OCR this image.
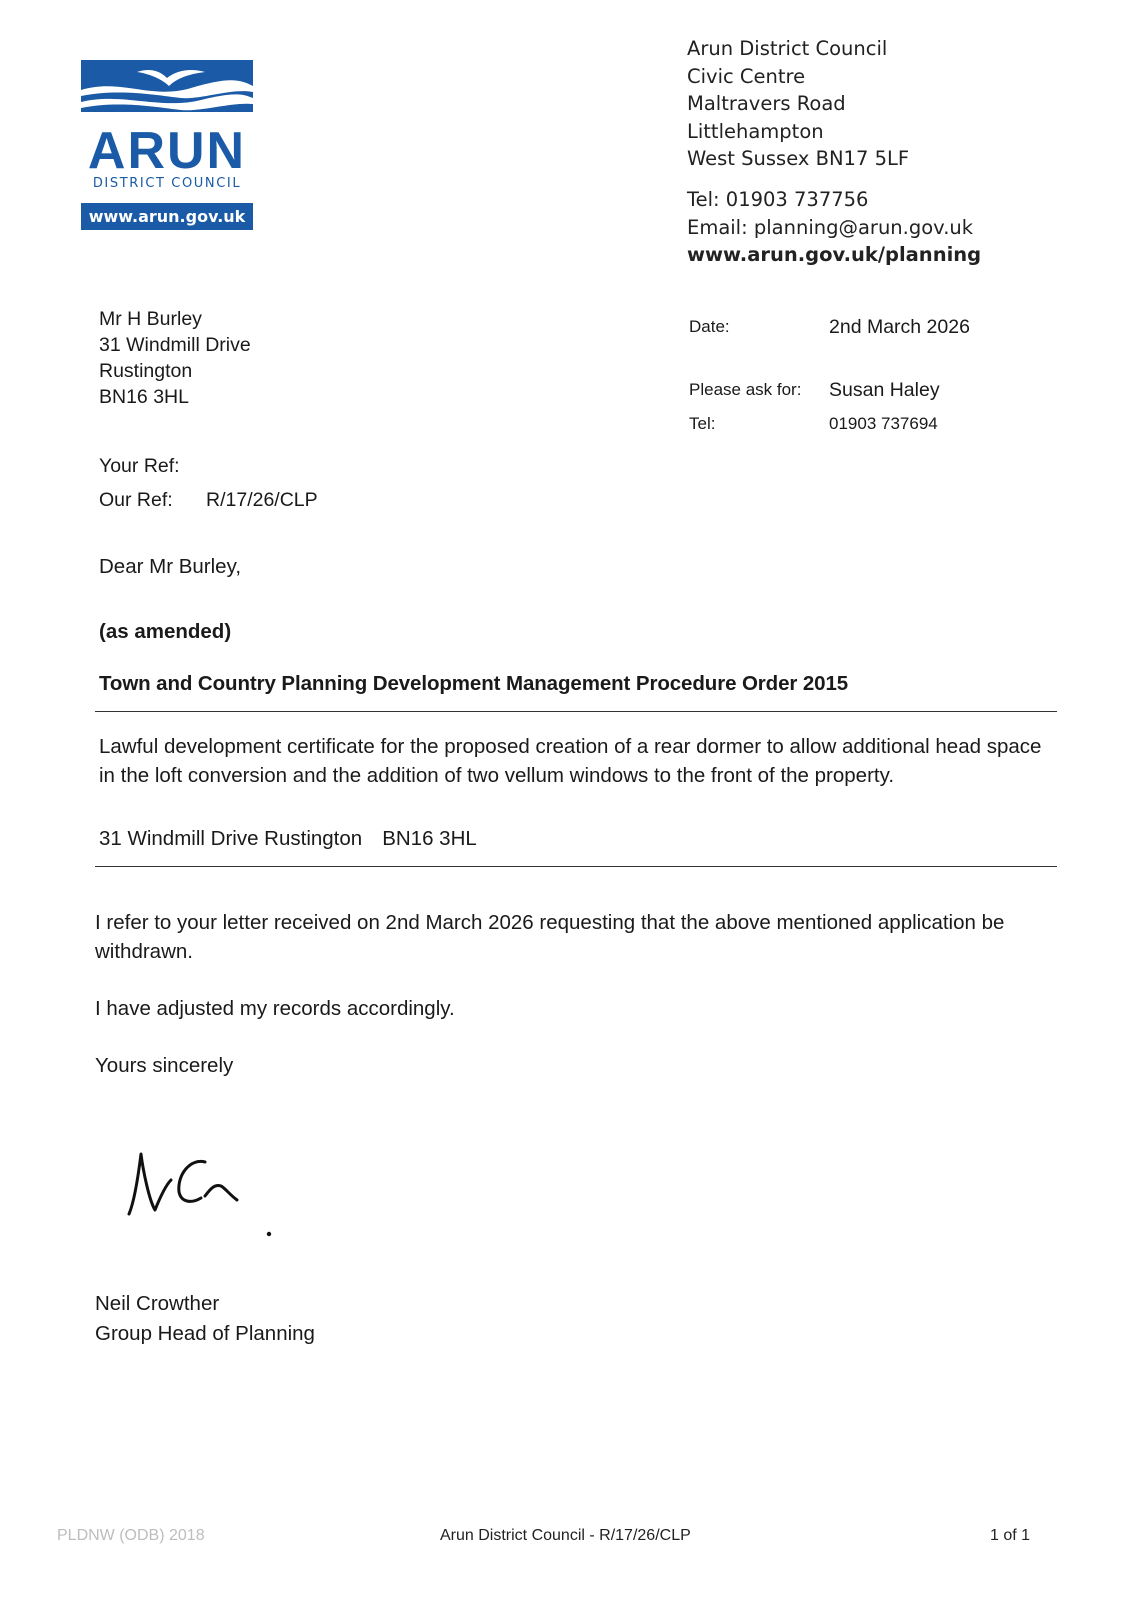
ARUN
DISTRICT COUNCIL
www.arun.gov.uk
Arun District Council
Civic Centre
Maltravers Road
Littlehampton
West Sussex BN17 5LF
Tel: 01903 737756
Email: planning@arun.gov.uk
www.arun.gov.uk/planning
Mr H Burley
31 Windmill Drive
Rustington
BN16 3HL
Date:	2nd March 2026
Please ask for: Susan Haley
Tel:	01903 737694
Your Ref:
Our Ref: R/17/26/CLP
Dear Mr Burley,
(as amended)
Town and Country Planning Development Management Procedure Order 2015
Lawful development certificate for the proposed creation of a rear dormer to allow additional head space in the loft conversion and the addition of two vellum windows to the front of the property.
31 Windmill Drive Rustington BN16 3HL
I refer to your letter received on 2nd March 2026 requesting that the above mentioned application be withdrawn.
I have adjusted my records accordingly.
Yours sincerely
Neil Crowther
Group Head of Planning
PLDNW (ODB) 2018	Arun District Council - R/17/26/CLP	1 of 1
